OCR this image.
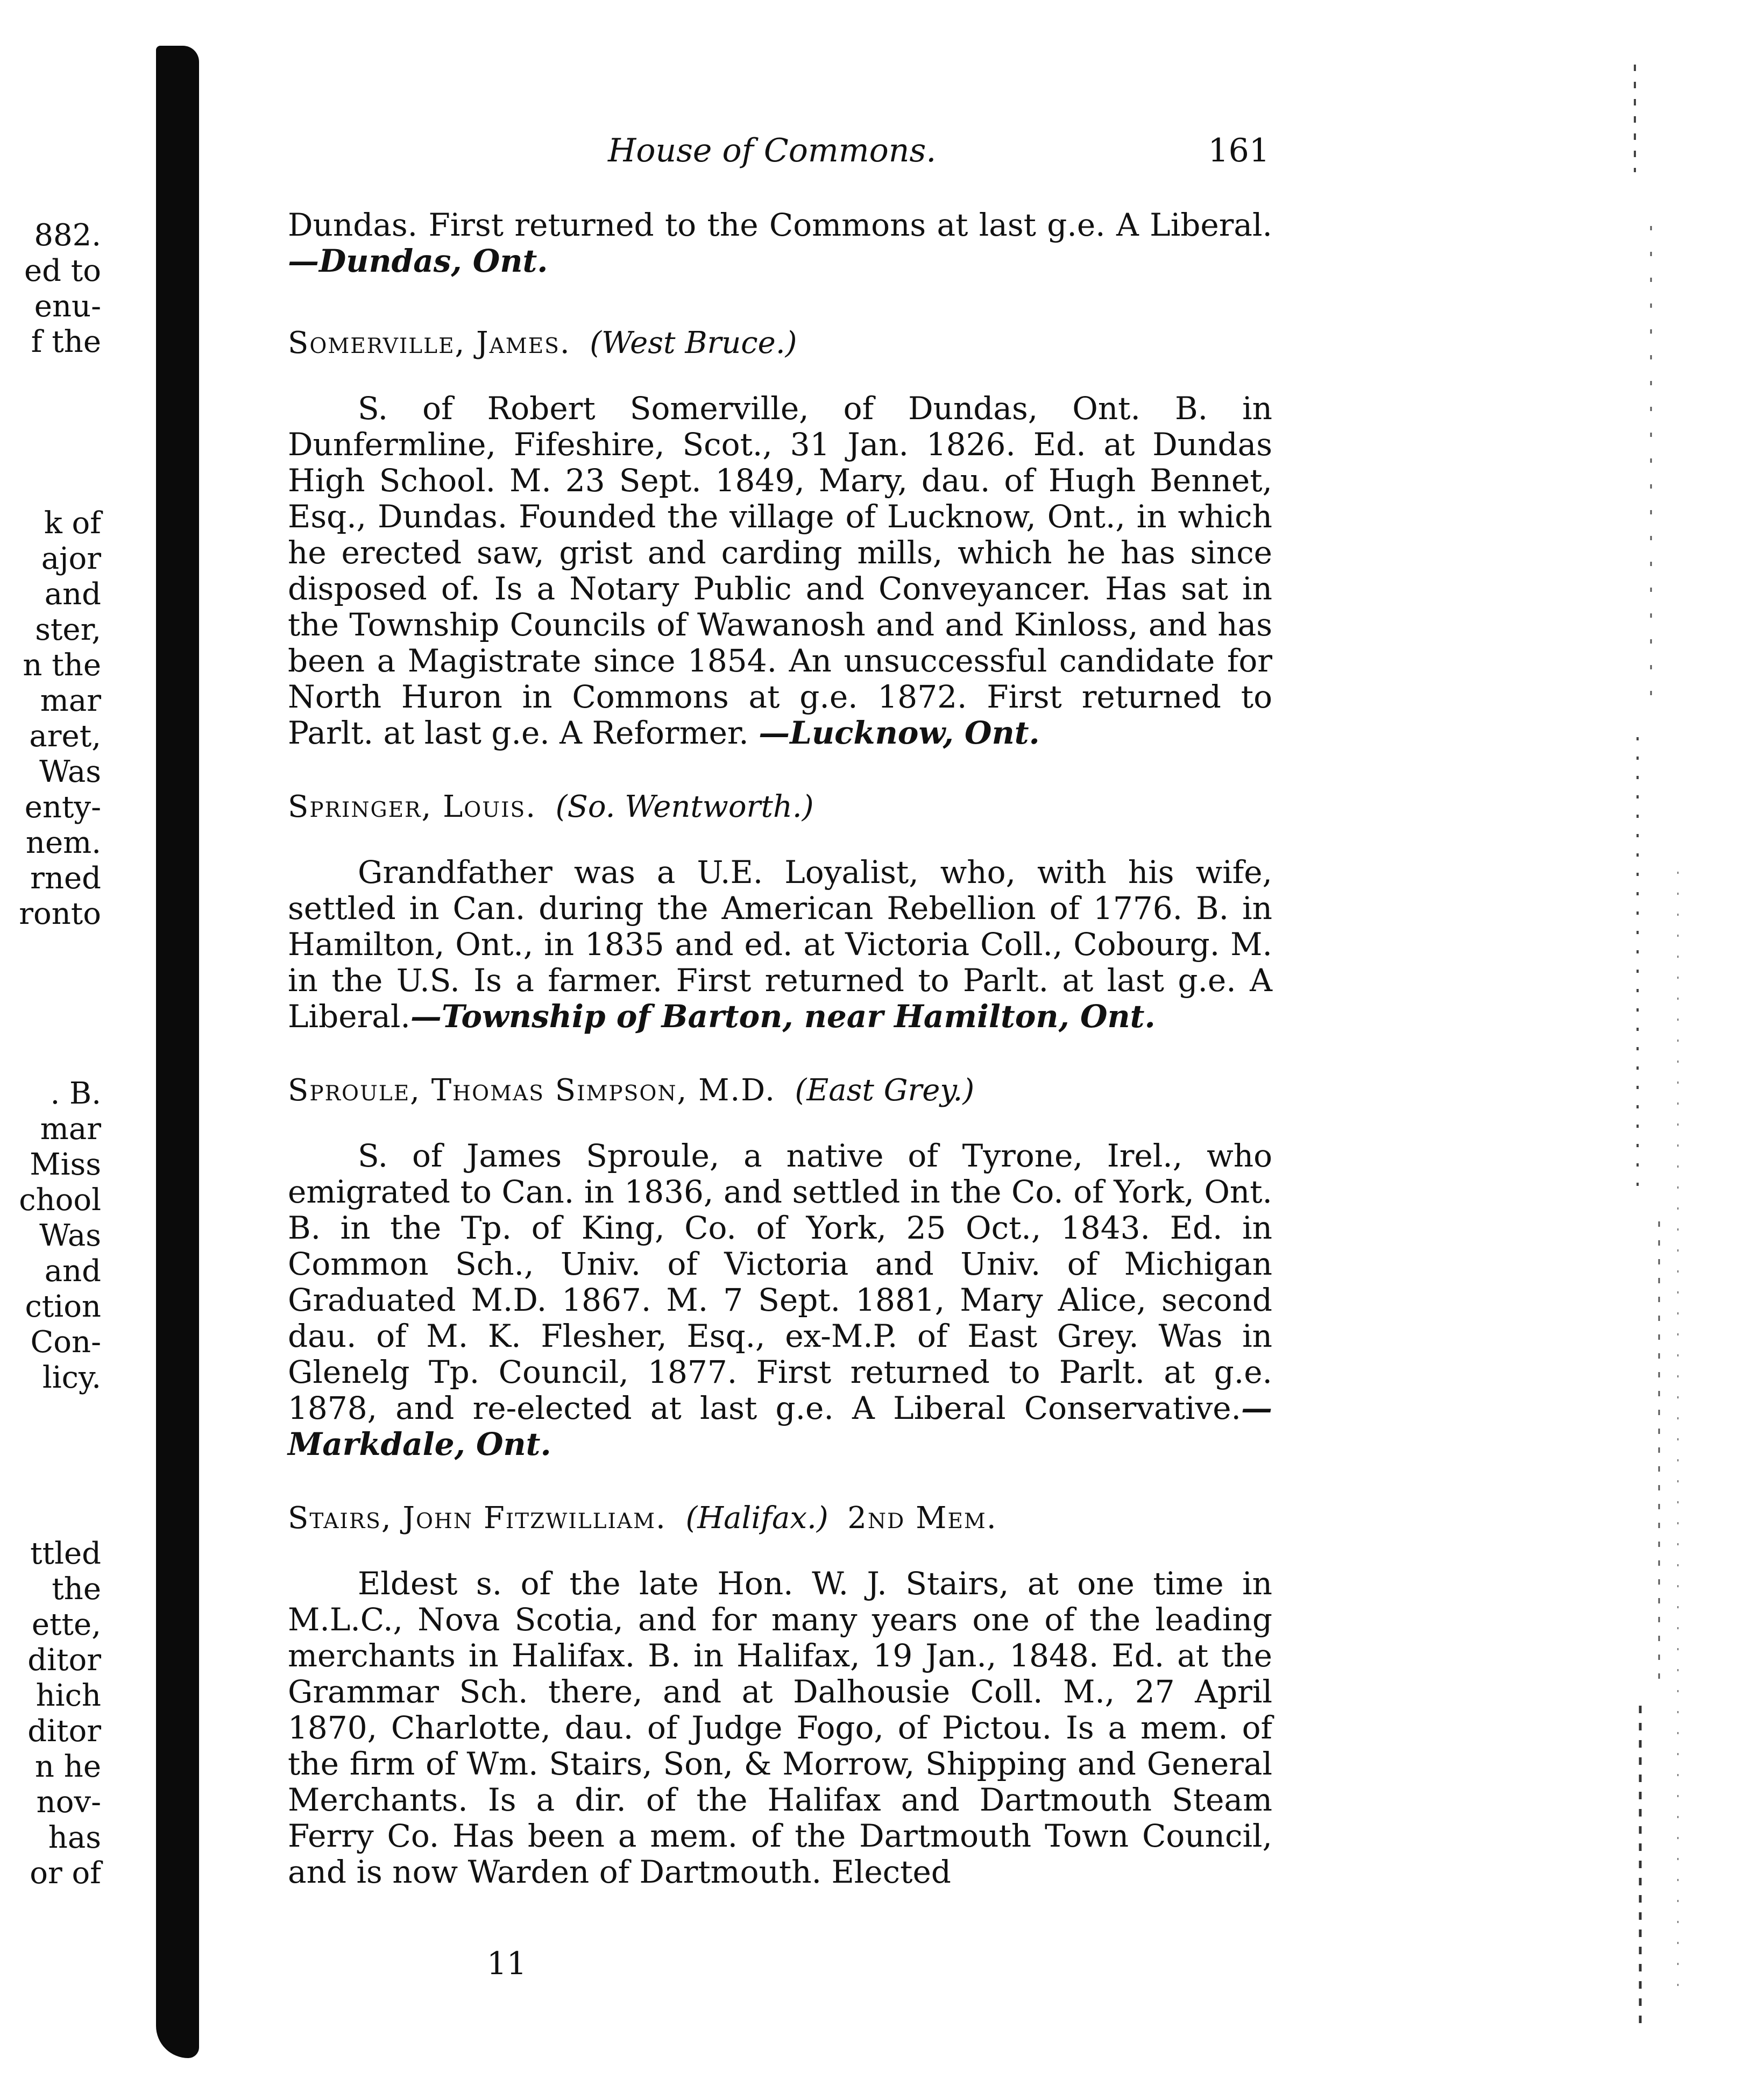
882.
ed to
enu-
f the
k of
ajor
and
ster,
n the
mar
aret,
Was
enty-
nem.
rned
ronto
. B.
mar
Miss
chool
Was
and
ction
Con-
licy.
ttled
the
ette,
ditor
hich
ditor
n he
nov-
has
or of
House of Commons.	161

Dundas. First returned to the Commons at last g.e. A Liberal.—Dundas, Ont.

Somerville, James. (West Bruce.)

S. of Robert Somerville, of Dundas, Ont. B. in Dunfermline, Fifeshire, Scot., 31 Jan. 1826. Ed. at Dundas High School. M. 23 Sept. 1849, Mary, dau. of Hugh Bennet, Esq., Dundas. Founded the village of Lucknow, Ont., in which he erected saw, grist and carding mills, which he has since disposed of. Is a Notary Public and Conveyancer. Has sat in the Township Councils of Wawanosh and and Kinloss, and has been a Magistrate since 1854. An unsuccessful candidate for North Huron in Commons at g.e. 1872. First returned to Parlt. at last g.e. A Reformer. —Lucknow, Ont.

Springer, Louis. (So. Wentworth.)

Grandfather was a U.E. Loyalist, who, with his wife, settled in Can. during the American Rebellion of 1776. B. in Hamilton, Ont., in 1835 and ed. at Victoria Coll., Cobourg. M. in the U.S. Is a farmer. First returned to Parlt. at last g.e. A Liberal.—Township of Barton, near Hamilton, Ont.

Sproule, Thomas Simpson, M.D. (East Grey.)

S. of James Sproule, a native of Tyrone, Irel., who emigrated to Can. in 1836, and settled in the Co. of York, Ont. B. in the Tp. of King, Co. of York, 25 Oct., 1843. Ed. in Common Sch., Univ. of Victoria and Univ. of Michigan Graduated M.D. 1867. M. 7 Sept. 1881, Mary Alice, second dau. of M. K. Flesher, Esq., ex-M.P. of East Grey. Was in Glenelg Tp. Council, 1877. First returned to Parlt. at g.e. 1878, and re-elected at last g.e. A Liberal Conservative.—Markdale, Ont.

Stairs, John Fitzwilliam. (Halifax.) 2nd Mem.

Eldest s. of the late Hon. W. J. Stairs, at one time in M.L.C., Nova Scotia, and for many years one of the leading merchants in Halifax. B. in Halifax, 19 Jan., 1848. Ed. at the Grammar Sch. there, and at Dalhousie Coll. M., 27 April 1870, Charlotte, dau. of Judge Fogo, of Pictou. Is a mem. of the firm of Wm. Stairs, Son, & Morrow, Shipping and General Merchants. Is a dir. of the Halifax and Dartmouth Steam Ferry Co. Has been a mem. of the Dartmouth Town Council, and is now Warden of Dartmouth. Elected

11
